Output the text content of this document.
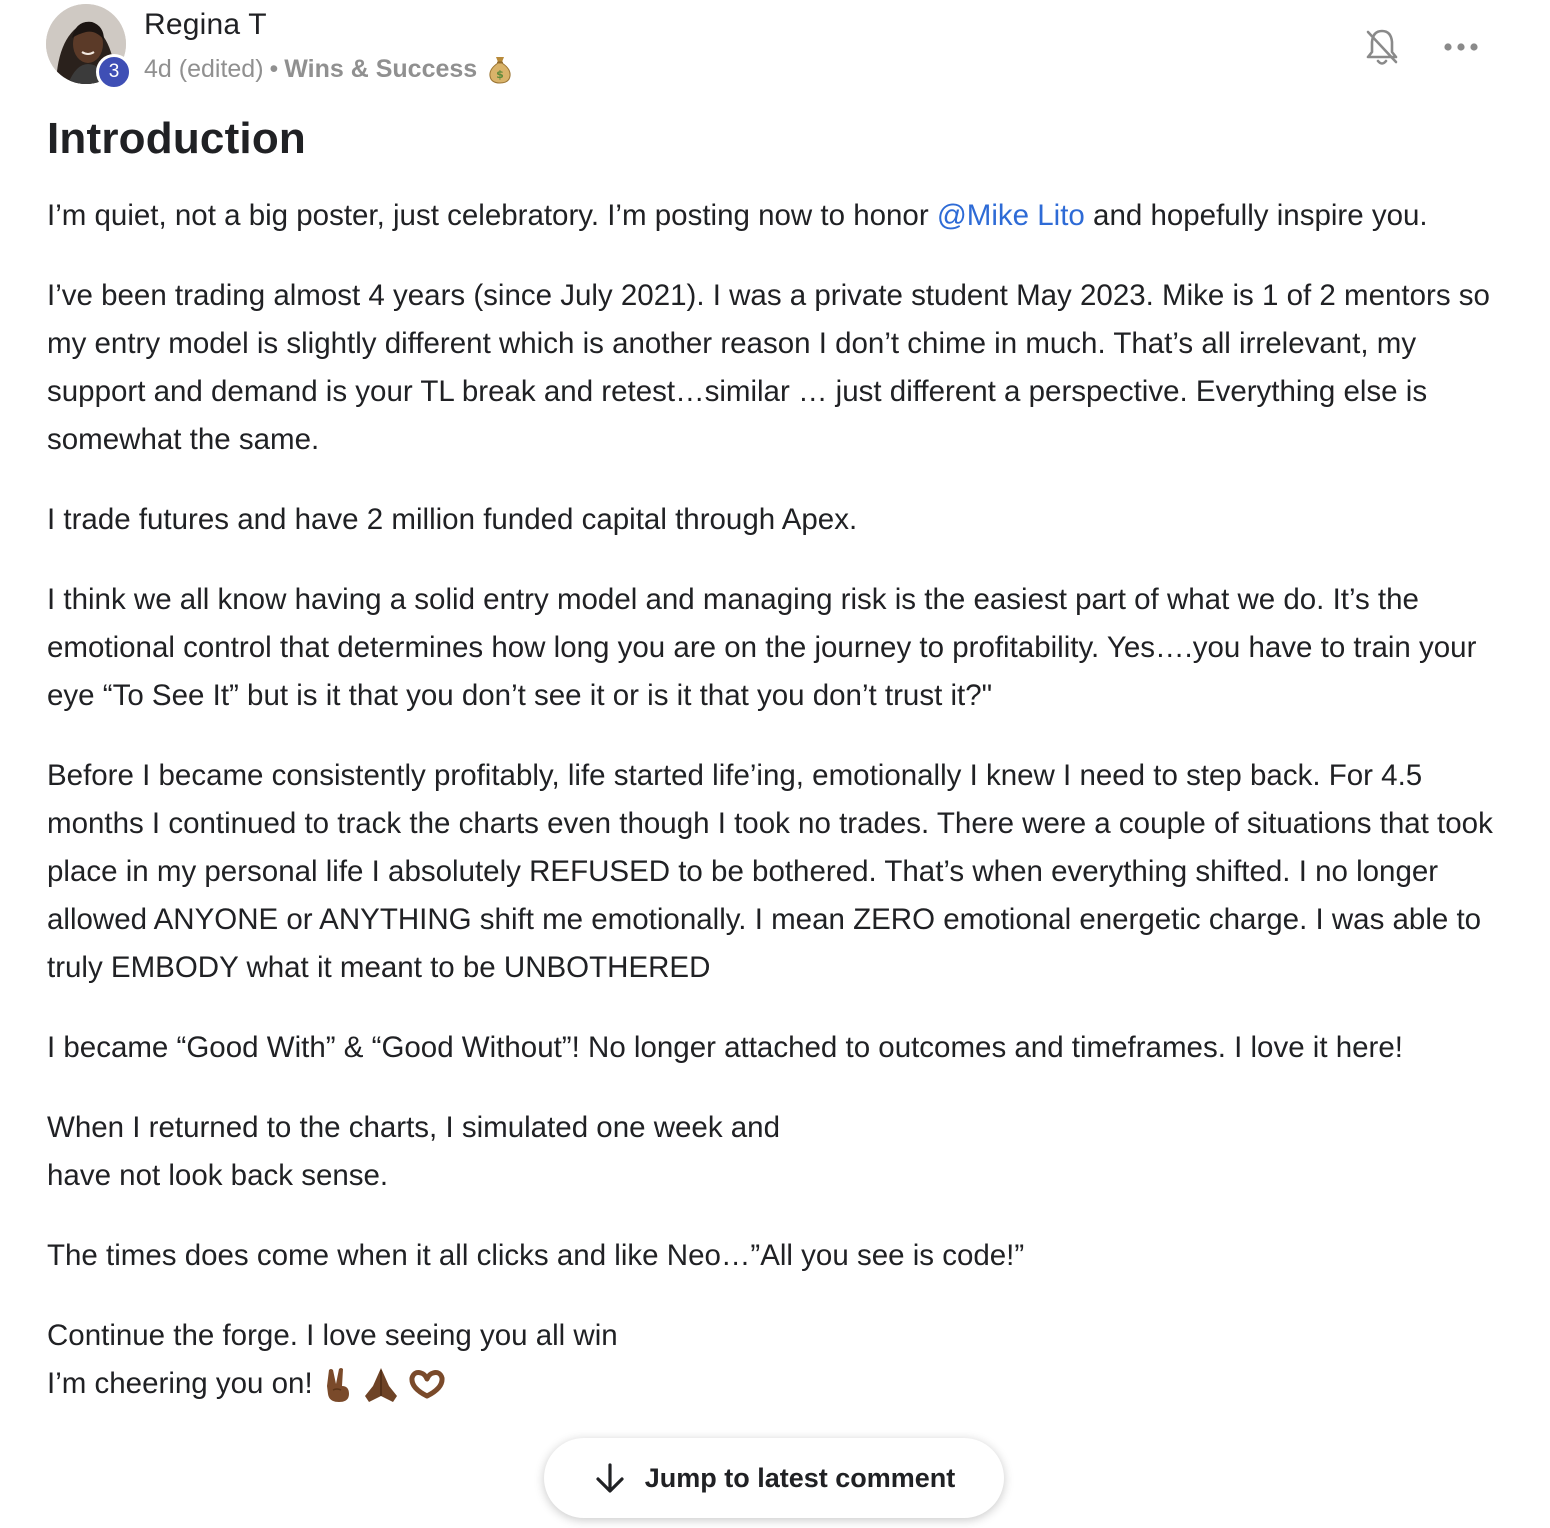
3
Regina T
4d (edited) • Wins & Success $
Introduction

I’m quiet, not a big poster, just celebratory. I’m posting now to honor @Mike Lito and hopefully inspire you.

I’ve been trading almost 4 years (since July 2021). I was a private student May 2023. Mike is 1 of 2 mentors so my entry model is slightly different which is another reason I don’t chime in much. That’s all irrelevant, my support and demand is your TL break and retest…similar … just different a perspective. Everything else is somewhat the same.

I trade futures and have 2 million funded capital through Apex.

I think we all know having a solid entry model and managing risk is the easiest part of what we do. It’s the emotional control that determines how long you are on the journey to profitability. Yes….you have to train your eye “To See It” but is it that you don’t see it or is it that you don’t trust it?"

Before I became consistently profitably, life started life’ing, emotionally I knew I need to step back. For 4.5 months I continued to track the charts even though I took no trades. There were a couple of situations that took place in my personal life I absolutely REFUSED to be bothered. That’s when everything shifted. I no longer allowed ANYONE or ANYTHING shift me emotionally. I mean ZERO emotional energetic charge. I was able to truly EMBODY what it meant to be UNBOTHERED

I became “Good With” & “Good Without”! No longer attached to outcomes and timeframes. I love it here!

When I returned to the charts, I simulated one week and
have not look back sense.

The times does come when it all clicks and like Neo…”All you see is code!”

Continue the forge. I love seeing you all win
I’m cheering you on!

Jump to latest comment
